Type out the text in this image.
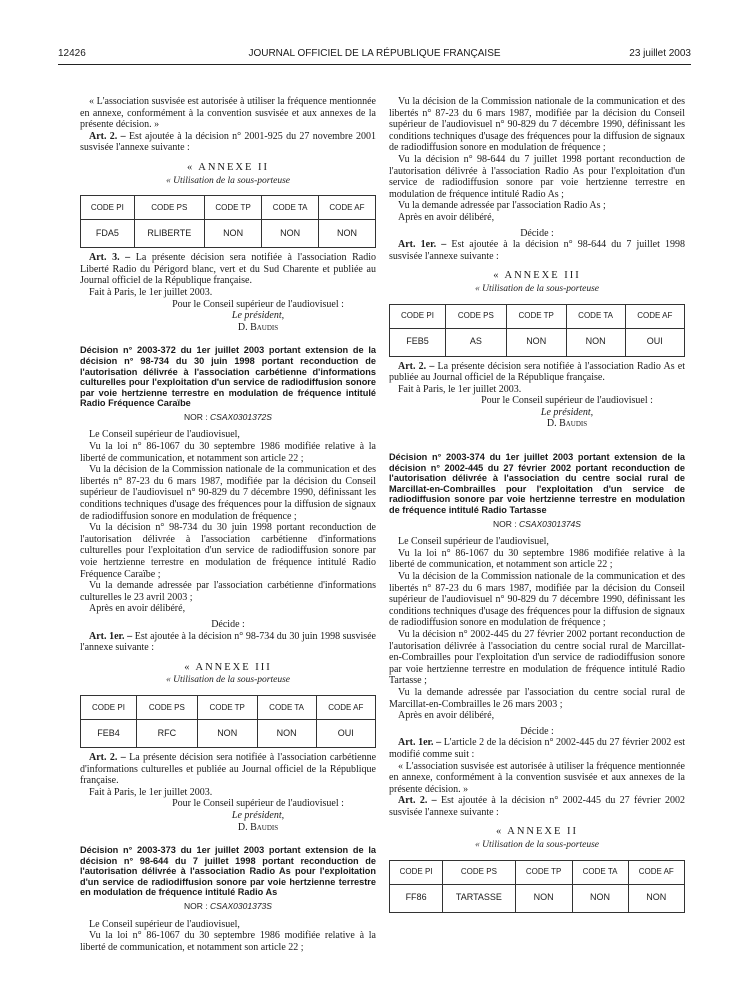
12426	JOURNAL OFFICIEL DE LA RÉPUBLIQUE FRANÇAISE	23 juillet 2003

« L'association susvisée est autorisée à utiliser la fréquence mentionnée en annexe, conformément à la convention susvisée et aux annexes de la présente décision. »

Art. 2. – Est ajoutée à la décision n° 2001-925 du 27 novembre 2001 susvisée l'annexe suivante :

« ANNEXE II
« Utilisation de la sous-porteuse
CODE PI	CODE PS	CODE TP	CODE TA	CODE AF
FDA5	RLIBERTE	NON	NON	NON

Art. 3. – La présente décision sera notifiée à l'association Radio Liberté Radio du Périgord blanc, vert et du Sud Charente et publiée au Journal officiel de la République française.

Fait à Paris, le 1er juillet 2003.

Pour le Conseil supérieur de l'audiovisuel :

Le président,

D. Baudis

Décision n° 2003-372 du 1er juillet 2003 portant extension de la décision n° 98-734 du 30 juin 1998 portant reconduction de l'autorisation délivrée à l'association carbétienne d'informations culturelles pour l'exploitation d'un service de radiodiffusion sonore par voie hertzienne terrestre en modulation de fréquence intitulé Radio Fréquence Caraïbe
NOR : CSAX0301372S

Le Conseil supérieur de l'audiovisuel,

Vu la loi n° 86-1067 du 30 septembre 1986 modifiée relative à la liberté de communication, et notamment son article 22 ;

Vu la décision de la Commission nationale de la communication et des libertés n° 87-23 du 6 mars 1987, modifiée par la décision du Conseil supérieur de l'audiovisuel n° 90-829 du 7 décembre 1990, définissant les conditions techniques d'usage des fréquences pour la diffusion de signaux de radiodiffusion sonore en modulation de fréquence ;

Vu la décision n° 98-734 du 30 juin 1998 portant reconduction de l'autorisation délivrée à l'association carbétienne d'informations culturelles pour l'exploitation d'un service de radiodiffusion sonore par voie hertzienne terrestre en modulation de fréquence intitulé Radio Fréquence Caraïbe ;

Vu la demande adressée par l'association carbétienne d'informations culturelles le 23 avril 2003 ;

Après en avoir délibéré,

Décide :

Art. 1er. – Est ajoutée à la décision n° 98-734 du 30 juin 1998 susvisée l'annexe suivante :

« ANNEXE III
« Utilisation de la sous-porteuse
CODE PI	CODE PS	CODE TP	CODE TA	CODE AF
FEB4	RFC	NON	NON	OUI

Art. 2. – La présente décision sera notifiée à l'association carbétienne d'informations culturelles et publiée au Journal officiel de la République française.

Fait à Paris, le 1er juillet 2003.

Pour le Conseil supérieur de l'audiovisuel :

Le président,

D. Baudis

Décision n° 2003-373 du 1er juillet 2003 portant extension de la décision n° 98-644 du 7 juillet 1998 portant reconduction de l'autorisation délivrée à l'association Radio As pour l'exploitation d'un service de radiodiffusion sonore par voie hertzienne terrestre en modulation de fréquence intitulé Radio As
NOR : CSAX0301373S

Le Conseil supérieur de l'audiovisuel,

Vu la loi n° 86-1067 du 30 septembre 1986 modifiée relative à la liberté de communication, et notamment son article 22 ;

Vu la décision de la Commission nationale de la communication et des libertés n° 87-23 du 6 mars 1987, modifiée par la décision du Conseil supérieur de l'audiovisuel n° 90-829 du 7 décembre 1990, définissant les conditions techniques d'usage des fréquences pour la diffusion de signaux de radiodiffusion sonore en modulation de fréquence ;

Vu la décision n° 98-644 du 7 juillet 1998 portant reconduction de l'autorisation délivrée à l'association Radio As pour l'exploitation d'un service de radiodiffusion sonore par voie hertzienne terrestre en modulation de fréquence intitulé Radio As ;

Vu la demande adressée par l'association Radio As ;

Après en avoir délibéré,

Décide :

Art. 1er. – Est ajoutée à la décision n° 98-644 du 7 juillet 1998 susvisée l'annexe suivante :

« ANNEXE III
« Utilisation de la sous-porteuse
CODE PI	CODE PS	CODE TP	CODE TA	CODE AF
FEB5	AS	NON	NON	OUI

Art. 2. – La présente décision sera notifiée à l'association Radio As et publiée au Journal officiel de la République française.

Fait à Paris, le 1er juillet 2003.

Pour le Conseil supérieur de l'audiovisuel :

Le président,

D. Baudis

Décision n° 2003-374 du 1er juillet 2003 portant extension de la décision n° 2002-445 du 27 février 2002 portant reconduction de l'autorisation délivrée à l'association du centre social rural de Marcillat-en-Combrailles pour l'exploitation d'un service de radiodiffusion sonore par voie hertzienne terrestre en modulation de fréquence intitulé Radio Tartasse
NOR : CSAX0301374S

Le Conseil supérieur de l'audiovisuel,

Vu la loi n° 86-1067 du 30 septembre 1986 modifiée relative à la liberté de communication, et notamment son article 22 ;

Vu la décision de la Commission nationale de la communication et des libertés n° 87-23 du 6 mars 1987, modifiée par la décision du Conseil supérieur de l'audiovisuel n° 90-829 du 7 décembre 1990, définissant les conditions techniques d'usage des fréquences pour la diffusion de signaux de radiodiffusion sonore en modulation de fréquence ;

Vu la décision n° 2002-445 du 27 février 2002 portant reconduction de l'autorisation délivrée à l'association du centre social rural de Marcillat-en-Combrailles pour l'exploitation d'un service de radiodiffusion sonore par voie hertzienne terrestre en modulation de fréquence intitulé Radio Tartasse ;

Vu la demande adressée par l'association du centre social rural de Marcillat-en-Combrailles le 26 mars 2003 ;

Après en avoir délibéré,

Décide :

Art. 1er. – L'article 2 de la décision n° 2002-445 du 27 février 2002 est modifié comme suit :

« L'association susvisée est autorisée à utiliser la fréquence mentionnée en annexe, conformément à la convention susvisée et aux annexes de la présente décision. »

Art. 2. – Est ajoutée à la décision n° 2002-445 du 27 février 2002 susvisée l'annexe suivante :

« ANNEXE II
« Utilisation de la sous-porteuse
CODE PI	CODE PS	CODE TP	CODE TA	CODE AF
FF86	TARTASSE	NON	NON	NON
